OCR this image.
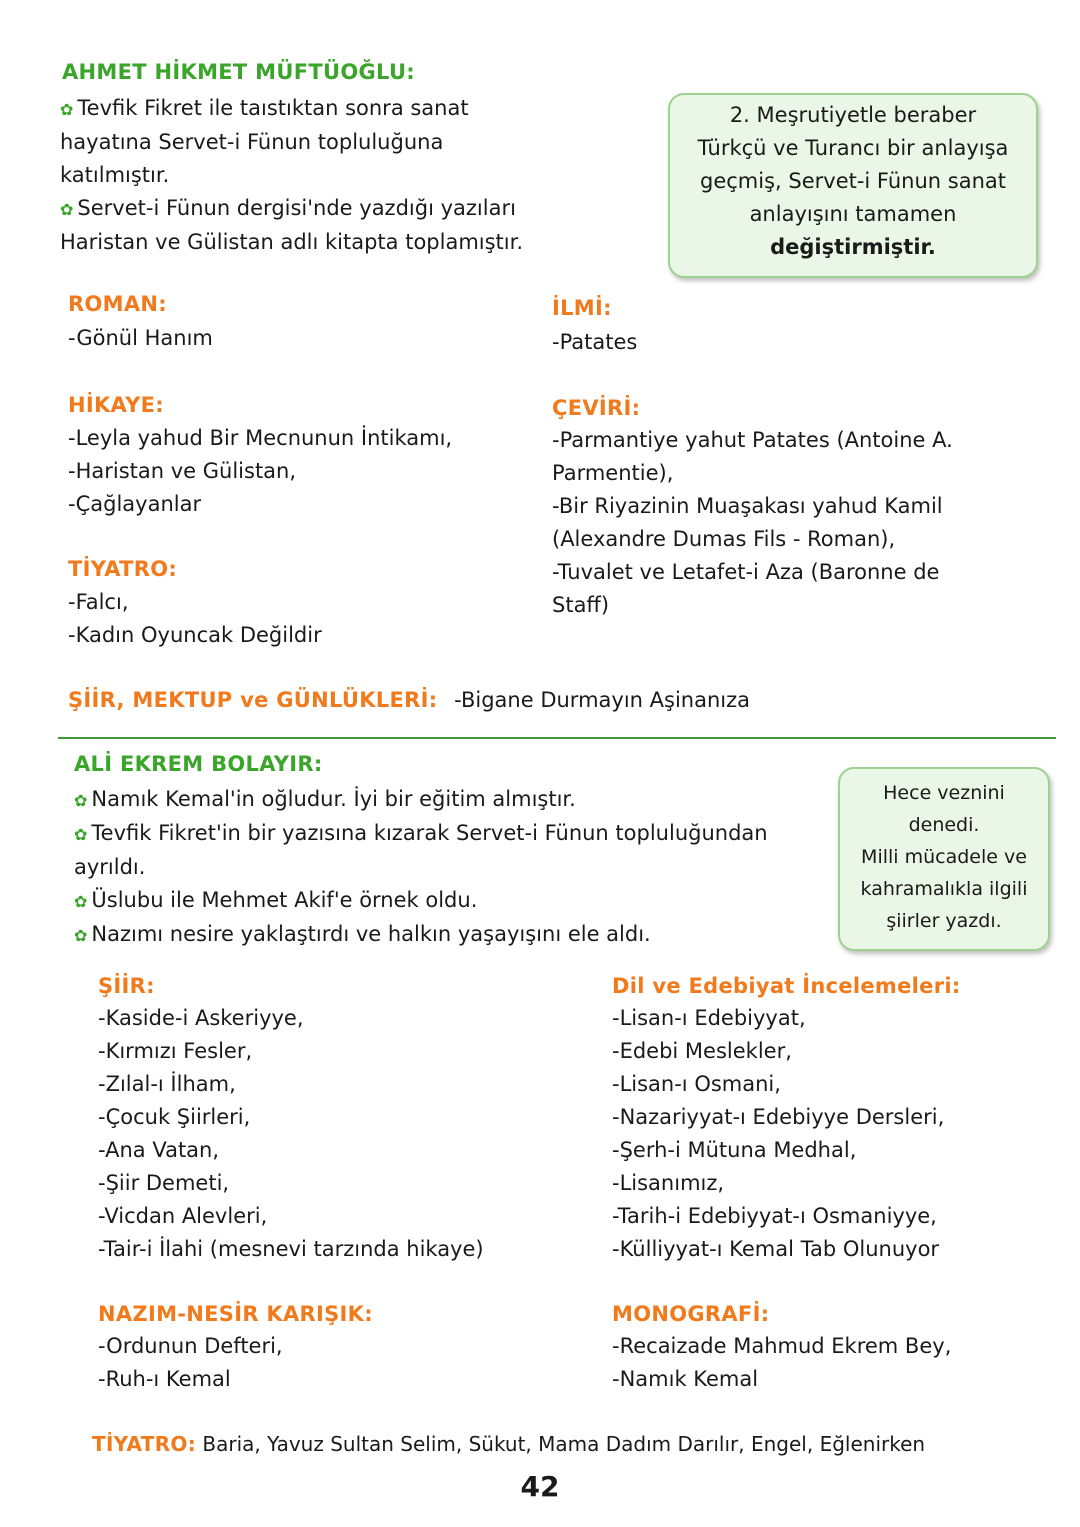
AHMET HİKMET MÜFTÜOĞLU:
✿ Tevfik Fikret ile taıstıktan sonra sanat
hayatına Servet-i Fünun topluluğuna
katılmıştır.
✿ Servet-i Fünun dergisi'nde yazdığı yazıları
Haristan ve Gülistan adlı kitapta toplamıştır.
2. Meşrutiyetle beraber
Türkçü ve Turancı bir anlayışa
geçmiş, Servet-i Fünun sanat
anlayışını tamamen
değiştirmiştir.
ROMAN:
-Gönül Hanım
İLMİ:
-Patates
HİKAYE:
-Leyla yahud Bir Mecnunun İntikamı,
-Haristan ve Gülistan,
-Çağlayanlar
ÇEVİRİ:
-Parmantiye yahut Patates (Antoine A.
Parmentie),
-Bir Riyazinin Muaşakası yahud Kamil
(Alexandre Dumas Fils - Roman),
-Tuvalet ve Letafet-i Aza (Baronne de
Staff)
TİYATRO:
-Falcı,
-Kadın Oyuncak Değildir
ŞİİR, MEKTUP ve GÜNLÜKLERİ: -Bigane Durmayın Aşinanıza
ALİ EKREM BOLAYIR:
✿ Namık Kemal'in oğludur. İyi bir eğitim almıştır.
✿ Tevfik Fikret'in bir yazısına kızarak Servet-i Fünun topluluğundan
ayrıldı.
✿ Üslubu ile Mehmet Akif'e örnek oldu.
✿ Nazımı nesire yaklaştırdı ve halkın yaşayışını ele aldı.
Hece veznini
denedi.
Milli mücadele ve
kahramalıkla ilgili
şiirler yazdı.
ŞİİR:
-Kaside-i Askeriyye,
-Kırmızı Fesler,
-Zılal-ı İlham,
-Çocuk Şiirleri,
-Ana Vatan,
-Şiir Demeti,
-Vicdan Alevleri,
-Tair-i İlahi (mesnevi tarzında hikaye)
Dil ve Edebiyat İncelemeleri:
-Lisan-ı Edebiyyat,
-Edebi Meslekler,
-Lisan-ı Osmani,
-Nazariyyat-ı Edebiyye Dersleri,
-Şerh-i Mütuna Medhal,
-Lisanımız,
-Tarih-i Edebiyyat-ı Osmaniyye,
-Külliyyat-ı Kemal Tab Olunuyor
NAZIM-NESİR KARIŞIK:
-Ordunun Defteri,
-Ruh-ı Kemal
MONOGRAFİ:
-Recaizade Mahmud Ekrem Bey,
-Namık Kemal
TİYATRO: Baria, Yavuz Sultan Selim, Sükut, Mama Dadım Darılır, Engel, Eğlenirken
42
